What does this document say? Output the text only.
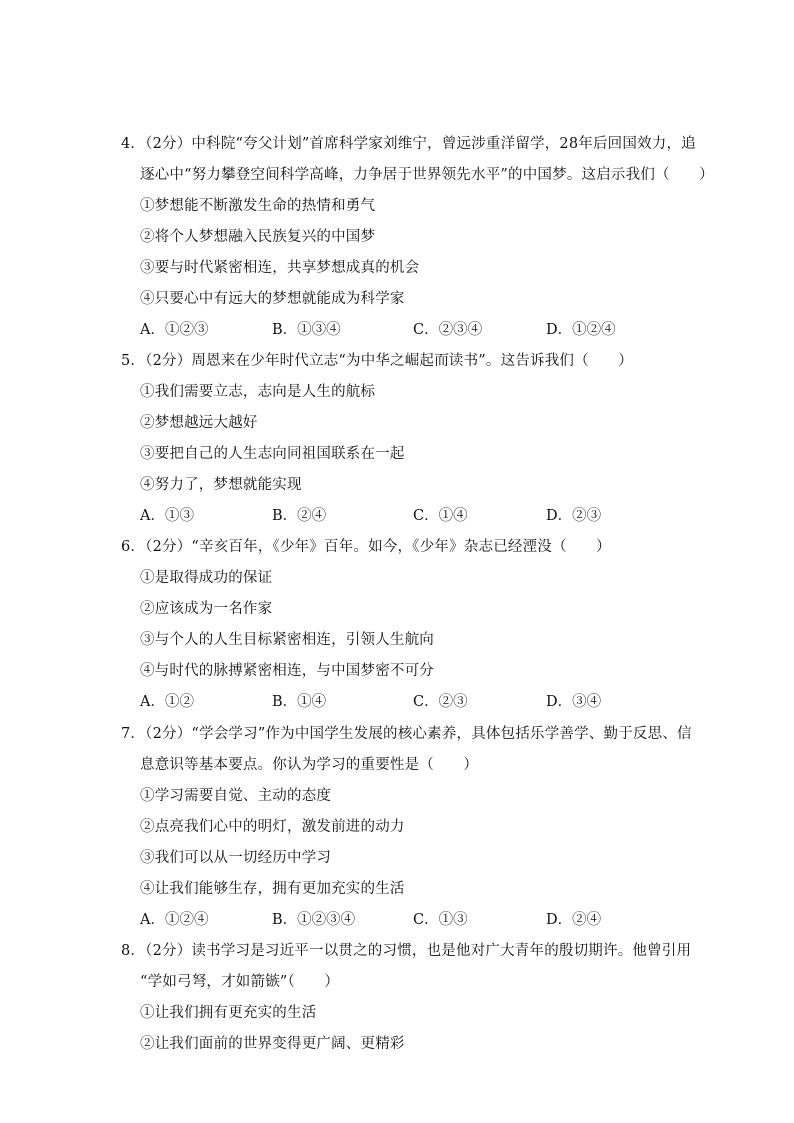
4．（2分）中科院“夸父计划”首席科学家刘维宁，曾远涉重洋留学，28年后回国效力，追
逐心中“努力攀登空间科学高峰，力争居于世界领先水平”的中国梦。这启示我们（　　）
①梦想能不断激发生命的热情和勇气
②将个人梦想融入民族复兴的中国梦
③要与时代紧密相连，共享梦想成真的机会
④只要心中有远大的梦想就能成为科学家
A．①②③	B．①③④	C．②③④	D．①②④
5．（2分）周恩来在少年时代立志“为中华之崛起而读书”。这告诉我们（　　）
①我们需要立志，志向是人生的航标
②梦想越远大越好
③要把自己的人生志向同祖国联系在一起
④努力了，梦想就能实现
A．①③	B．②④	C．①④	D．②③
6．（2分）“辛亥百年，《少年》百年。如今，《少年》杂志已经湮没（　　）
①是取得成功的保证
②应该成为一名作家
③与个人的人生目标紧密相连，引领人生航向
④与时代的脉搏紧密相连，与中国梦密不可分
A．①②	B．①④	C．②③	D．③④
7．（2分）“学会学习”作为中国学生发展的核心素养，具体包括乐学善学、勤于反思、信
息意识等基本要点。你认为学习的重要性是（　　）
①学习需要自觉、主动的态度
②点亮我们心中的明灯，激发前进的动力
③我们可以从一切经历中学习
④让我们能够生存，拥有更加充实的生活
A．①②④	B．①②③④	C．①③	D．②④
8．（2分）读书学习是习近平一以贯之的习惯，也是他对广大青年的殷切期许。他曾引用
“学如弓弩，才如箭镞”（　　）
①让我们拥有更充实的生活
②让我们面前的世界变得更广阔、更精彩
